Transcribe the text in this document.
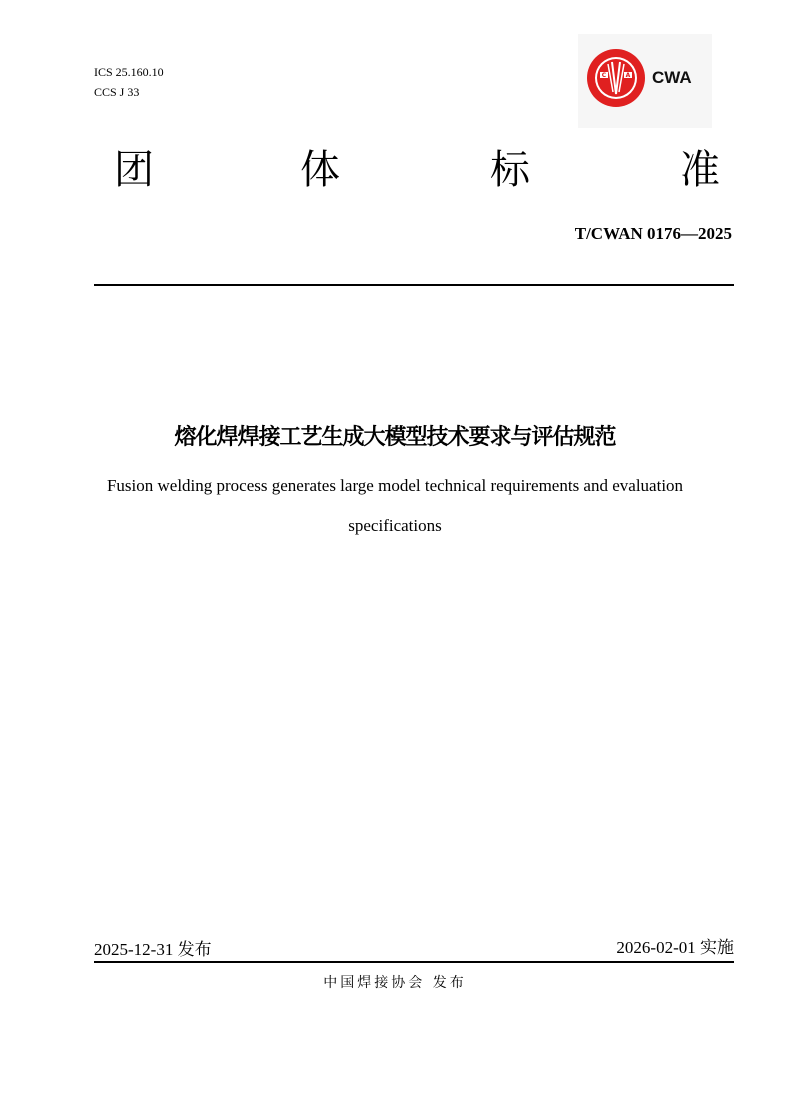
ICS 25.160.10
CCS J 33
C	A CWA
团	体	标	准
T/CWAN 0176—2025
熔化焊焊接工艺生成大模型技术要求与评估规范
Fusion welding process generates large model technical requirements and evaluation specifications
2025-12-31 发布	2026-02-01 实施
中国焊接协会 发布
